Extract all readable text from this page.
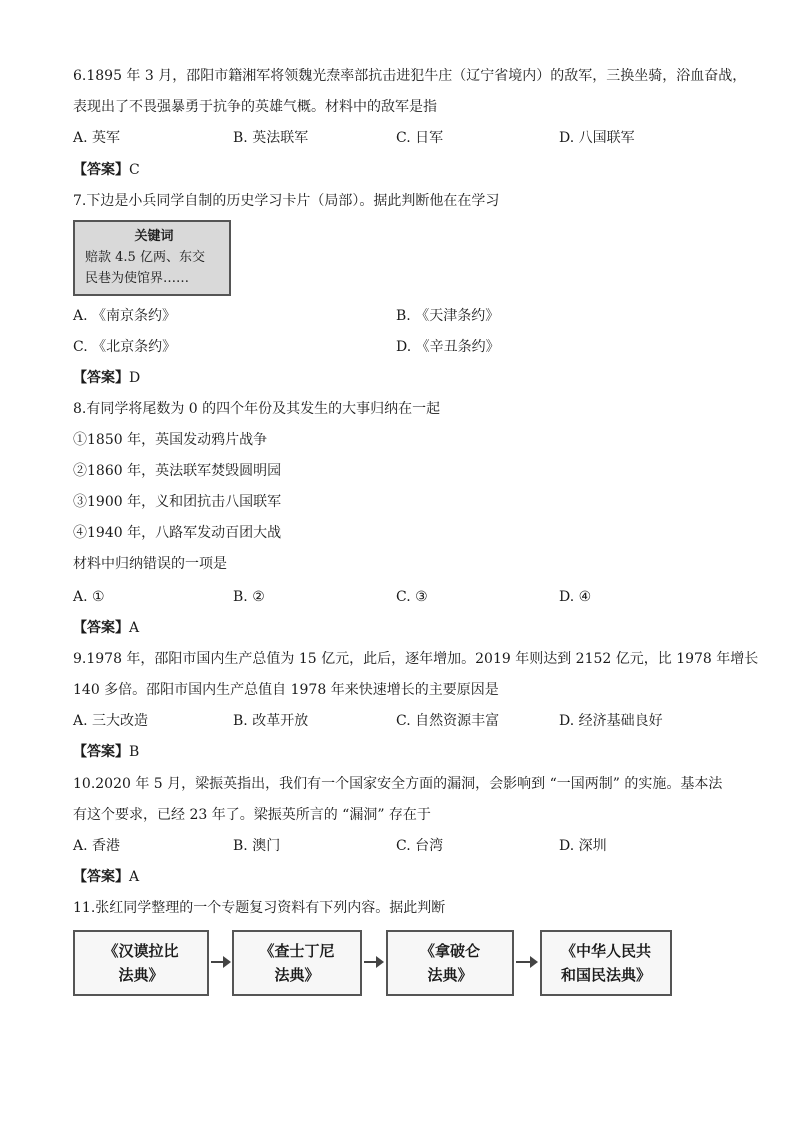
6.1895 年 3 月，邵阳市籍湘军将领魏光焘率部抗击进犯牛庄（辽宁省境内）的敌军，三换坐骑，浴血奋战，
表现出了不畏强暴勇于抗争的英雄气概。材料中的敌军是指
A. 英军	B. 英法联军	C. 日军	D. 八国联军
【答案】C
7.下边是小兵同学自制的历史学习卡片（局部）。据此判断他在在学习
关键词
赔款 4.5 亿两、东交
民巷为使馆界……
A. 《南京条约》	B. 《天津条约》
C. 《北京条约》	D. 《辛丑条约》
【答案】D
8.有同学将尾数为 0 的四个年份及其发生的大事归纳在一起
①1850 年，英国发动鸦片战争
②1860 年，英法联军焚毁圆明园
③1900 年，义和团抗击八国联军
④1940 年，八路军发动百团大战
材料中归纳错误的一项是
A. ①	B. ②	C. ③	D. ④
【答案】A
9.1978 年，邵阳市国内生产总值为 15 亿元，此后，逐年增加。2019 年则达到 2152 亿元，比 1978 年增长
140 多倍。邵阳市国内生产总值自 1978 年来快速增长的主要原因是
A. 三大改造	B. 改革开放	C. 自然资源丰富	D. 经济基础良好
【答案】B
10.2020 年 5 月，梁振英指出，我们有一个国家安全方面的漏洞，会影响到 “一国两制” 的实施。基本法
有这个要求，已经 23 年了。梁振英所言的 “漏洞” 存在于
A. 香港	B. 澳门	C. 台湾	D. 深圳
【答案】A
11.张红同学整理的一个专题复习资料有下列内容。据此判断
《汉谟拉比
法典》
《查士丁尼
法典》
《拿破仑
法典》
《中华人民共
和国民法典》
